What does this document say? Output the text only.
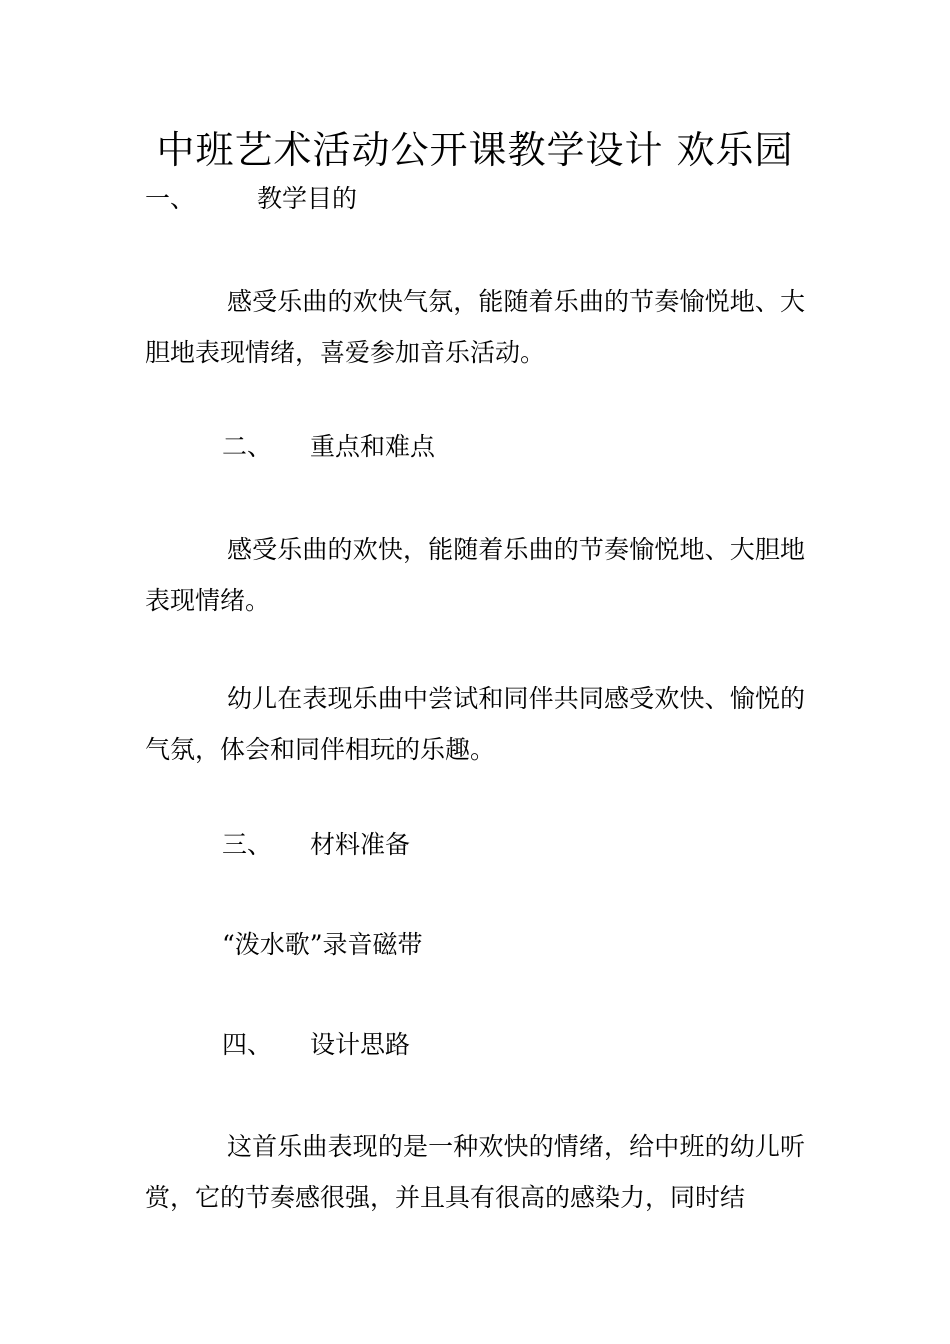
中班艺术活动公开课教学设计 欢乐园
一、 教学目的
感受乐曲的欢快气氛，能随着乐曲的节奏愉悦地、大胆地表现情绪，喜爱参加音乐活动。
二、 重点和难点
感受乐曲的欢快，能随着乐曲的节奏愉悦地、大胆地表现情绪。
幼儿在表现乐曲中尝试和同伴共同感受欢快、愉悦的气氛，体会和同伴相玩的乐趣。
三、 材料准备
“泼水歌”录音磁带
四、 设计思路
这首乐曲表现的是一种欢快的情绪，给中班的幼儿听赏，它的节奏感很强，并且具有很高的感染力，同时结
